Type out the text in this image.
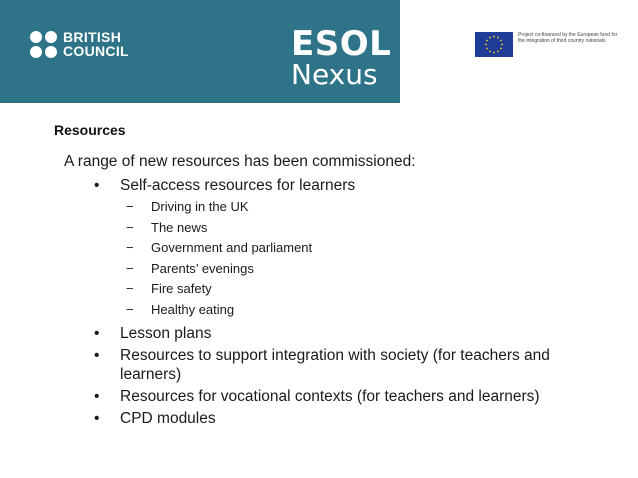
BRITISH
COUNCIL	ESOL
Nexus
Project co-financed by the European fund for the integration of third country nationals
Resources
A range of new resources has been commissioned:
• Self-access resources for learners
− Driving in the UK
− The news
− Government and parliament
− Parents’ evenings
− Fire safety
− Healthy eating
• Lesson plans
• Resources to support integration with society (for teachers and learners)
• Resources for vocational contexts (for teachers and learners)
• CPD modules
